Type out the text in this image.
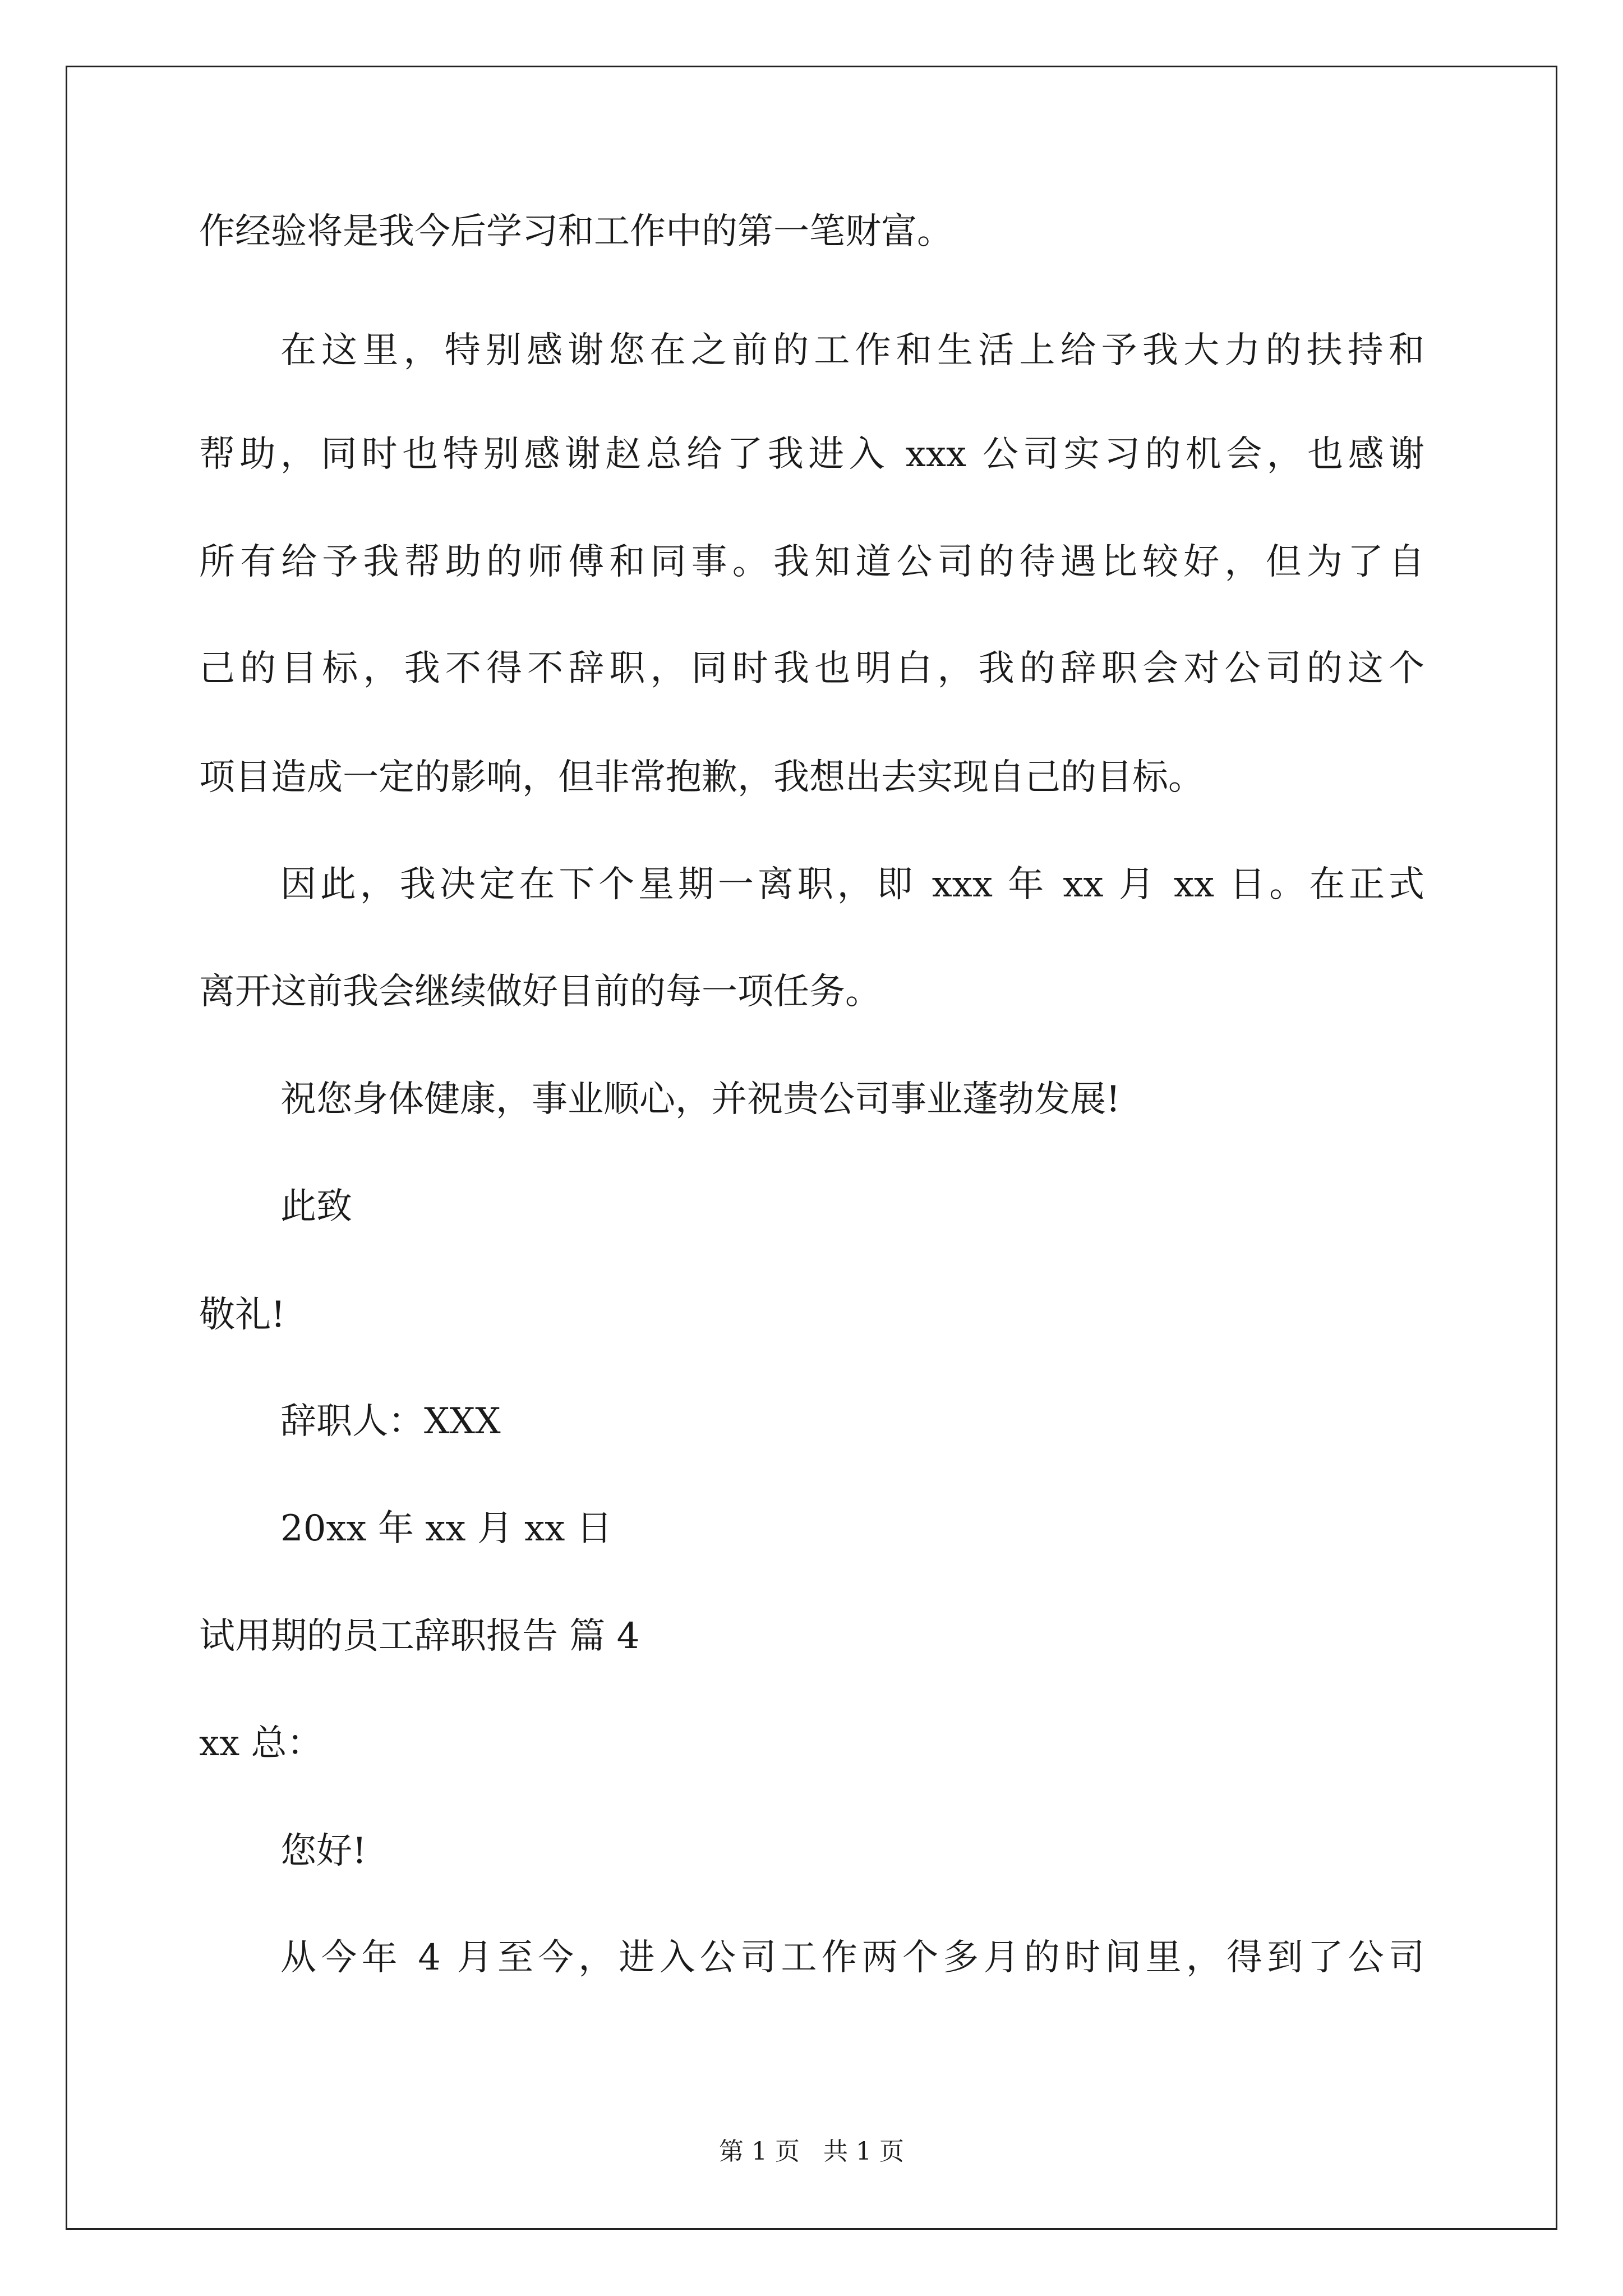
作经验将是我今后学习和工作中的第一笔财富。
在这里，特别感谢您在之前的工作和生活上给予我大力的扶持和
帮助，同时也特别感谢赵总给了我进入 xxx 公司实习的机会，也感谢
所有给予我帮助的师傅和同事。我知道公司的待遇比较好，但为了自
己的目标，我不得不辞职，同时我也明白，我的辞职会对公司的这个
项目造成一定的影响，但非常抱歉，我想出去实现自己的目标。
因此，我决定在下个星期一离职，即 xxx 年 xx 月 xx 日。在正式
离开这前我会继续做好目前的每一项任务。
祝您身体健康，事业顺心，并祝贵公司事业蓬勃发展!
此致
敬礼!
辞职人：XXX
20xx 年 xx 月 xx 日
试用期的员工辞职报告 篇 4
xx 总：
您好!
从今年 4 月至今，进入公司工作两个多月的时间里，得到了公司
第 1 页   共 1 页
